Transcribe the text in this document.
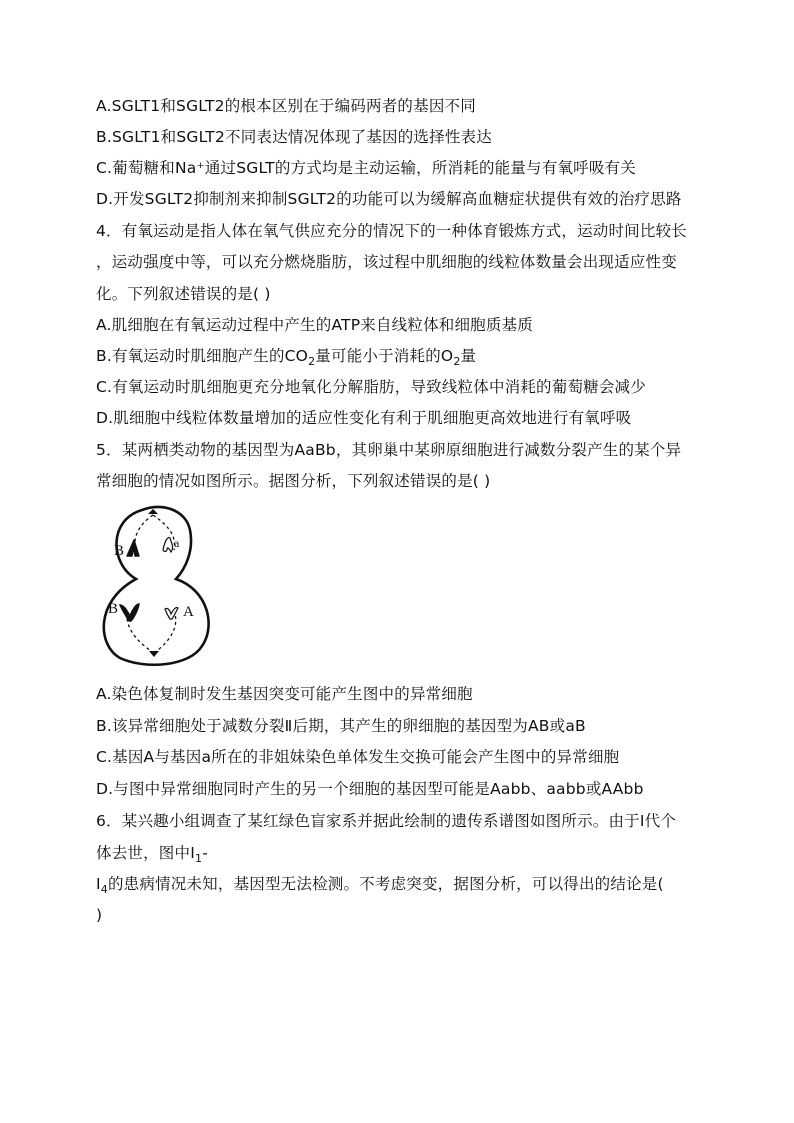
A.SGLT1和SGLT2的根本区别在于编码两者的基因不同
B.SGLT1和SGLT2不同表达情况体现了基因的选择性表达
C.葡萄糖和Na⁺通过SGLT的方式均是主动运输，所消耗的能量与有氧呼吸有关
D.开发SGLT2抑制剂来抑制SGLT2的功能可以为缓解高血糖症状提供有效的治疗思路
4．有氧运动是指人体在氧气供应充分的情况下的一种体育锻炼方式，运动时间比较长
，运动强度中等，可以充分燃烧脂肪，该过程中肌细胞的线粒体数量会出现适应性变
化。下列叙述错误的是( )
A.肌细胞在有氧运动过程中产生的ATP来自线粒体和细胞质基质
B.有氧运动时肌细胞产生的$CO_2$量可能小于消耗的$O_2$量
C.有氧运动时肌细胞更充分地氧化分解脂肪，导致线粒体中消耗的葡萄糖会减少
D.肌细胞中线粒体数量增加的适应性变化有利于肌细胞更高效地进行有氧呼吸
5．某两栖类动物的基因型为AaBb，其卵巢中某卵原细胞进行减数分裂产生的某个异
常细胞的情况如图所示。据图分析，下列叙述错误的是( )
B	a
B	A
A.染色体复制时发生基因突变可能产生图中的异常细胞
B.该异常细胞处于减数分裂Ⅱ后期，其产生的卵细胞的基因型为AB或aB
C.基因A与基因a所在的非姐妹染色单体发生交换可能会产生图中的异常细胞
D.与图中异常细胞同时产生的另一个细胞的基因型可能是Aabb、aabb或AAbb
6．某兴趣小组调查了某红绿色盲家系并据此绘制的遗传系谱图如图所示。由于Ⅰ代个
体去世，图中$Ⅰ_1-$
$Ⅰ_4$的患病情况未知，基因型无法检测。不考虑突变，据图分析，可以得出的结论是(
)
